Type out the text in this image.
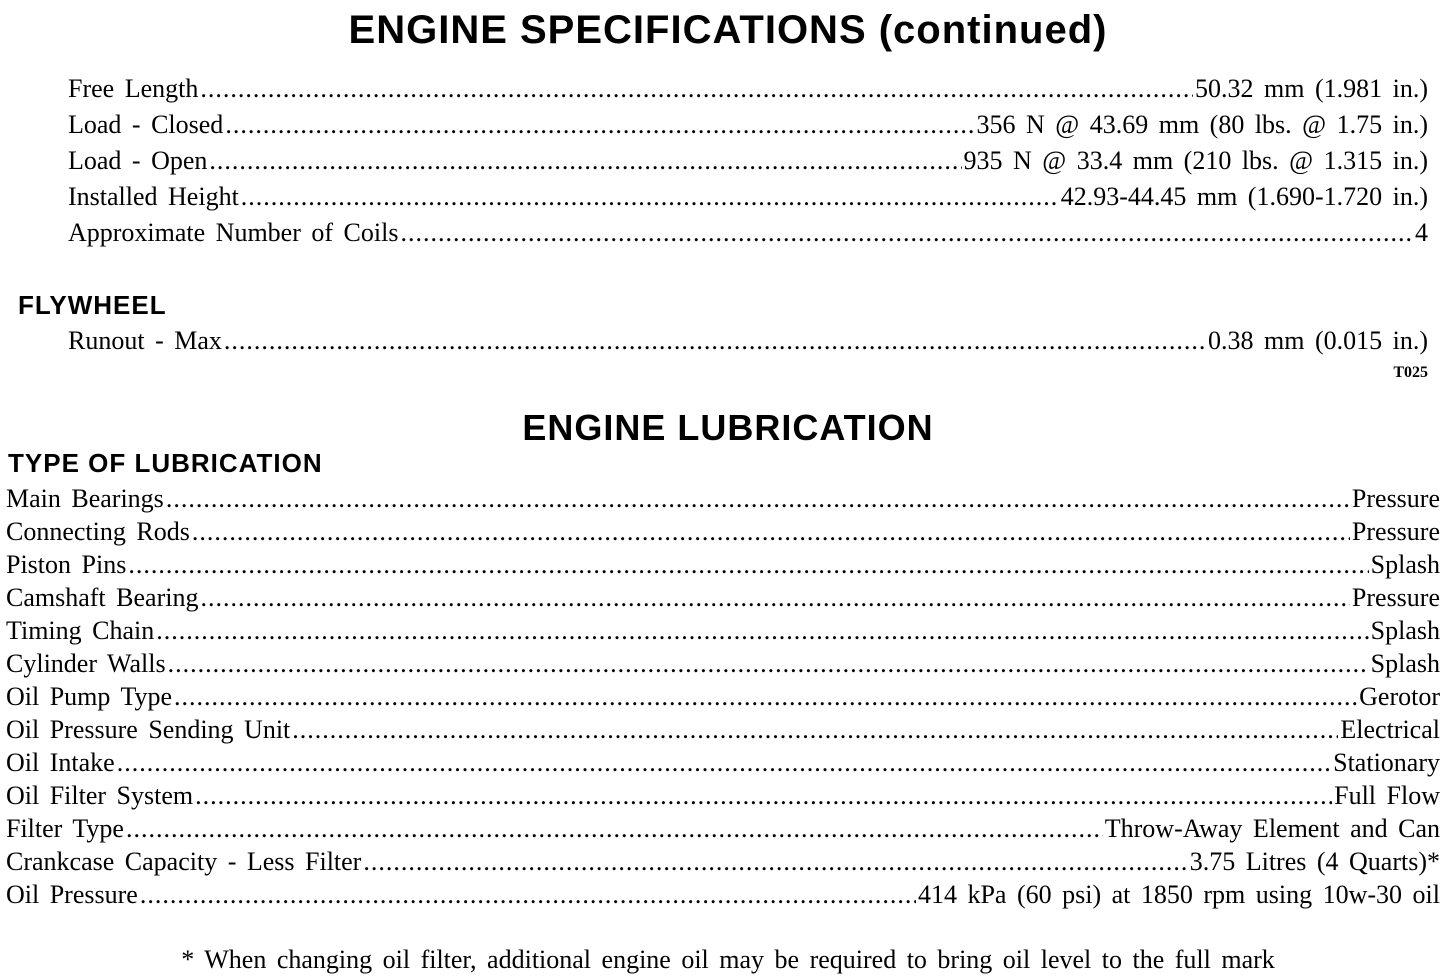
ENGINE SPECIFICATIONS (continued)
Free Length .....	50.32 mm (1.981 in.)
Load - Closed .....	356 N @ 43.69 mm (80 lbs. @ 1.75 in.)
Load - Open .....	935 N @ 33.4 mm (210 lbs. @ 1.315 in.)
Installed Height .....	42.93-44.45 mm (1.690-1.720 in.)
Approximate Number of Coils .....	4
FLYWHEEL
Runout - Max .....	0.38 mm (0.015 in.)
T025
ENGINE LUBRICATION
TYPE OF LUBRICATION
Main Bearings .....	Pressure
Connecting Rods .....	Pressure
Piston Pins .....	Splash
Camshaft Bearing .....	Pressure
Timing Chain .....	Splash
Cylinder Walls .....	Splash
Oil Pump Type .....	Gerotor
Oil Pressure Sending Unit .....	Electrical
Oil Intake .....	Stationary
Oil Filter System .....	Full Flow
Filter Type .....	Throw-Away Element and Can
Crankcase Capacity - Less Filter .....	3.75 Litres (4 Quarts)*
Oil Pressure .....	414 kPa (60 psi) at 1850 rpm using 10w-30 oil
* When changing oil filter, additional engine oil may be required to bring oil level to the full mark
